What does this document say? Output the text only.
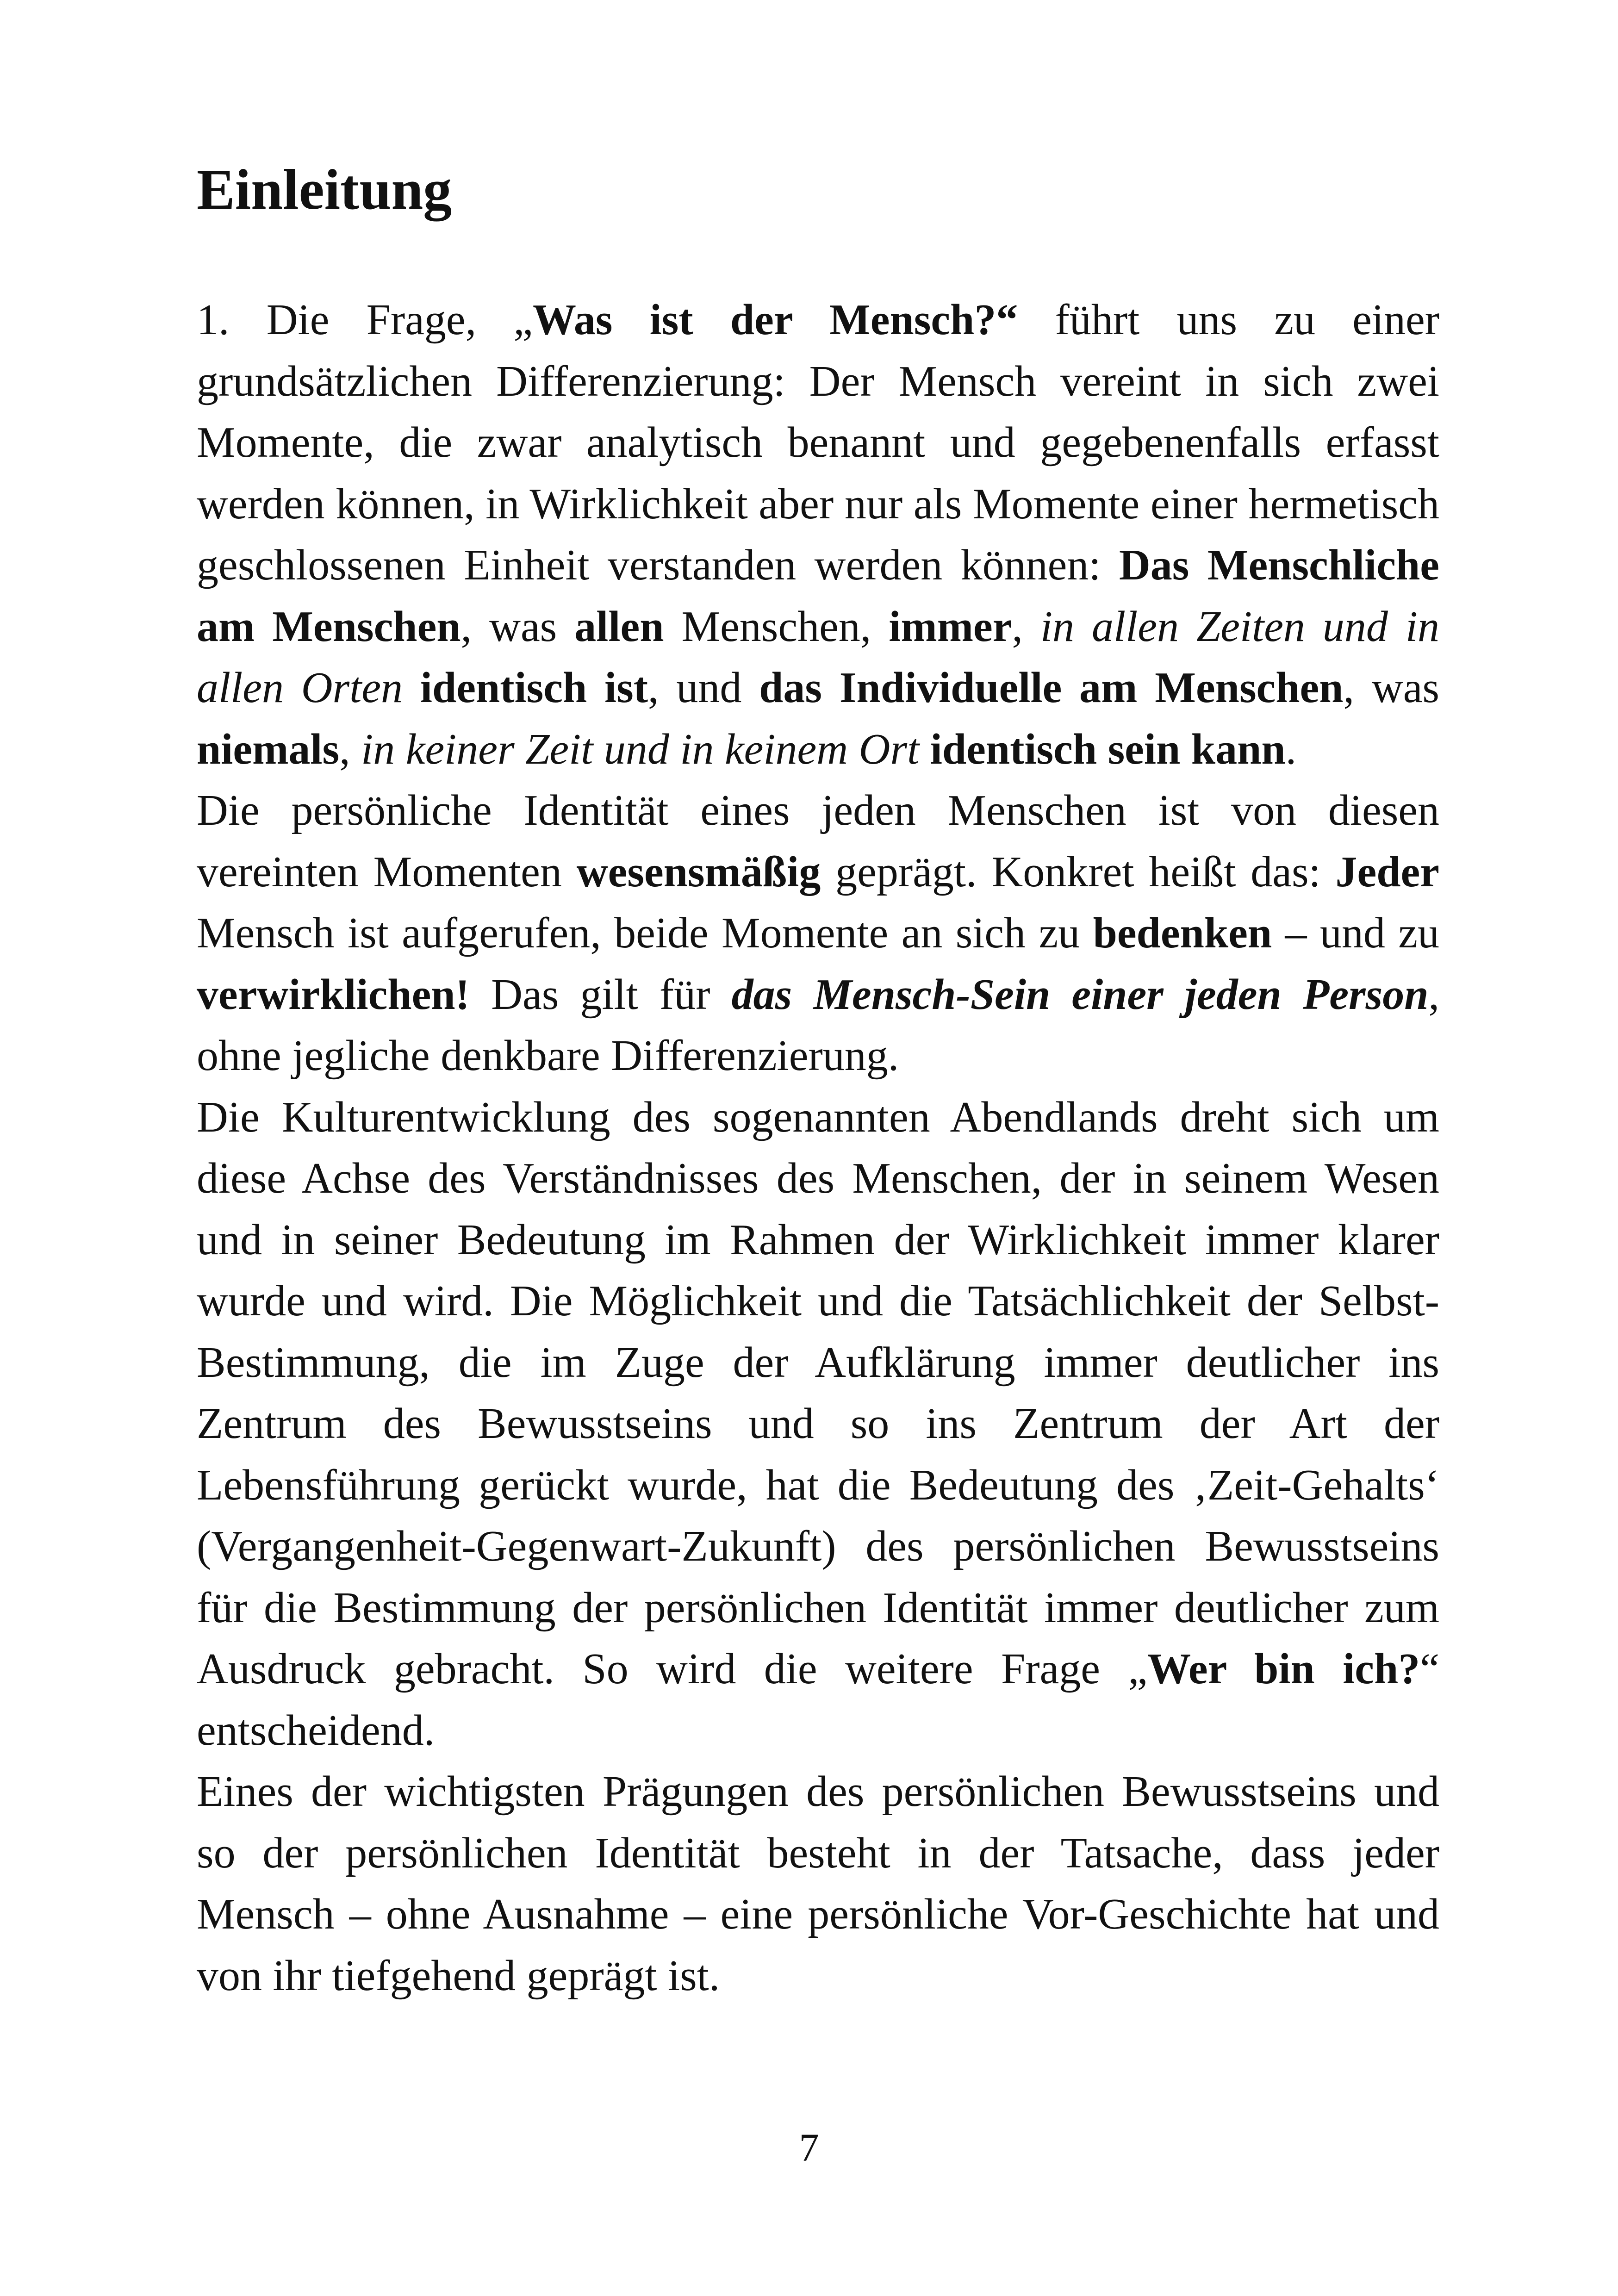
Einleitung

1. Die Frage, „Was ist der Mensch?“ führt uns zu einer grundsätzlichen Differenzierung: Der Mensch vereint in sich zwei Momente, die zwar analytisch benannt und gegebenenfalls erfasst werden können, in Wirklichkeit aber nur als Momente einer hermetisch geschlossenen Einheit verstanden werden können: Das Menschliche am Menschen, was allen Menschen, immer, in allen Zeiten und in allen Orten identisch ist, und das Individuelle am Menschen, was niemals, in keiner Zeit und in keinem Ort identisch sein kann.

Die persönliche Identität eines jeden Menschen ist von diesen vereinten Momenten wesensmäßig geprägt. Konkret heißt das: Jeder Mensch ist aufgerufen, beide Momente an sich zu bedenken – und zu verwirklichen! Das gilt für das Mensch-Sein einer jeden Person, ohne jegliche denkbare Differenzierung.

Die Kulturentwicklung des sogenannten Abendlands dreht sich um diese Achse des Verständnisses des Menschen, der in seinem Wesen und in seiner Bedeutung im Rahmen der Wirklichkeit immer klarer wurde und wird. Die Möglichkeit und die Tatsächlichkeit der Selbst-Bestimmung, die im Zuge der Aufklärung immer deutlicher ins Zentrum des Bewusstseins und so ins Zentrum der Art der Lebensführung gerückt wurde, hat die Bedeutung des ‚Zeit-Gehalts‘ (Vergangenheit-Gegenwart-Zukunft) des persönlichen Bewusstseins für die Bestimmung der persönlichen Identität immer deutlicher zum Ausdruck gebracht. So wird die weitere Frage „Wer bin ich?“ entscheidend.

Eines der wichtigsten Prägungen des persönlichen Bewusstseins und so der persönlichen Identität besteht in der Tatsache, dass jeder Mensch – ohne Ausnahme – eine persönliche Vor-Geschichte hat und von ihr tiefgehend geprägt ist.

7
